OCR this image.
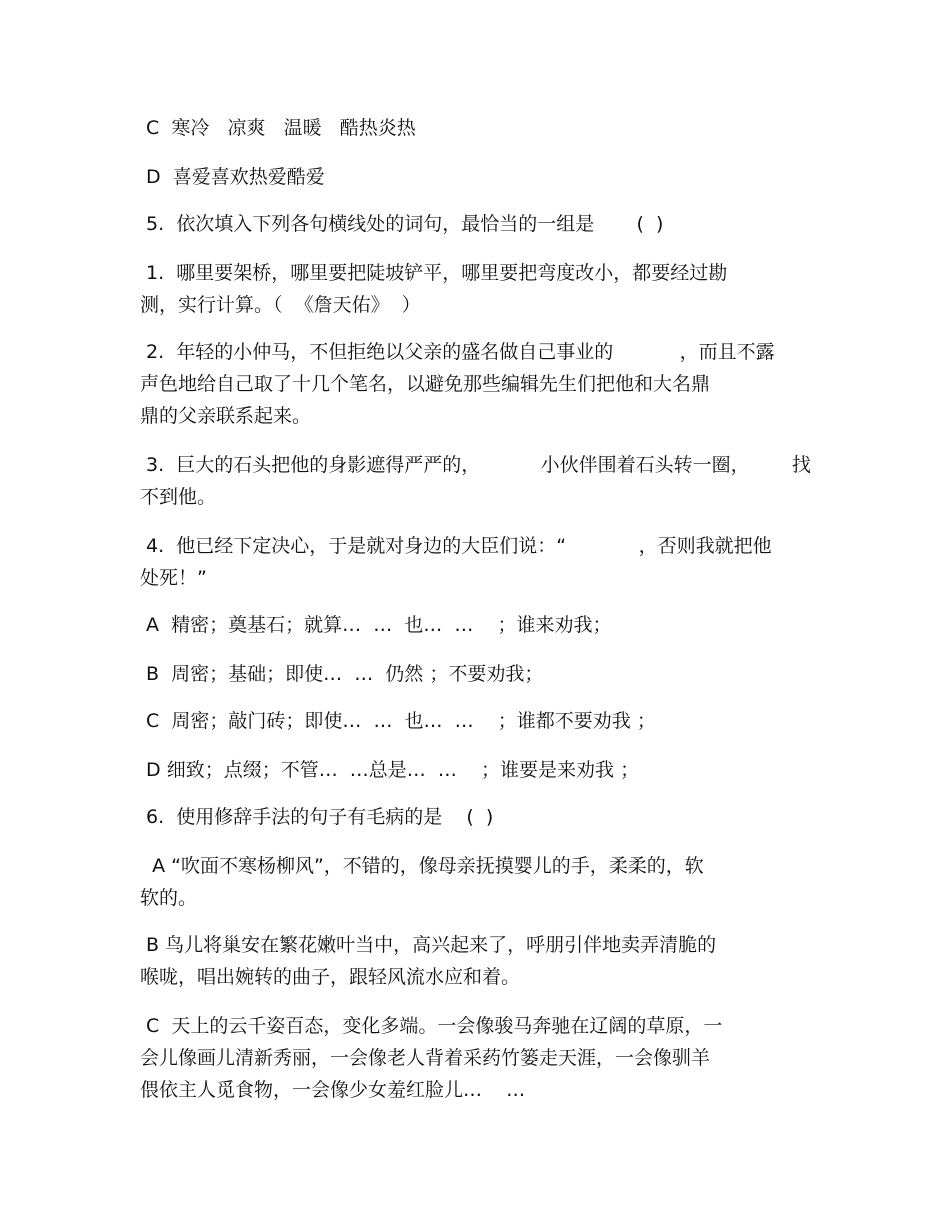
C  寒冷   凉爽   温暖   酷热炎热
D  喜爱喜欢热爱酷爱
5.  依次填入下列各句横线处的词句，最恰当的一组是       (  )
1.  哪里要架桥，哪里要把陡坡铲平，哪里要把弯度改小，都要经过勘
测，实行计算。（  《詹天佑》  ）
2.  年轻的小仲马，不但拒绝以父亲的盛名做自己事业的           ，而且不露
声色地给自己取了十几个笔名，以避免那些编辑先生们把他和大名鼎
鼎的父亲联系起来。
3.  巨大的石头把他的身影遮得严严的，          小伙伴围着石头转一圈，       找
不到他。
4.  他已经下定决心，于是就对身边的大臣们说：“            ，否则我就把他
处死！”
A  精密；奠基石；就算…  …  也…  …    ；谁来劝我；
B  周密；基础；即使…  …  仍然 ；不要劝我；
C  周密；敲门砖；即使…  …  也…  …    ；谁都不要劝我 ；
D 细致；点缀；不管…  …总是…  …    ；谁要是来劝我 ；
6.  使用修辞手法的句子有毛病的是    (  )
A “吹面不寒杨柳风”，不错的，像母亲抚摸婴儿的手，柔柔的，软
软的。
B 鸟儿将巢安在繁花嫩叶当中，高兴起来了，呼朋引伴地卖弄清脆的
喉咙，唱出婉转的曲子，跟轻风流水应和着。
C  天上的云千姿百态，变化多端。一会像骏马奔驰在辽阔的草原，一
会儿像画儿清新秀丽，一会像老人背着采药竹篓走天涯，一会像驯羊
偎依主人觅食物，一会像少女羞红脸儿…    …
